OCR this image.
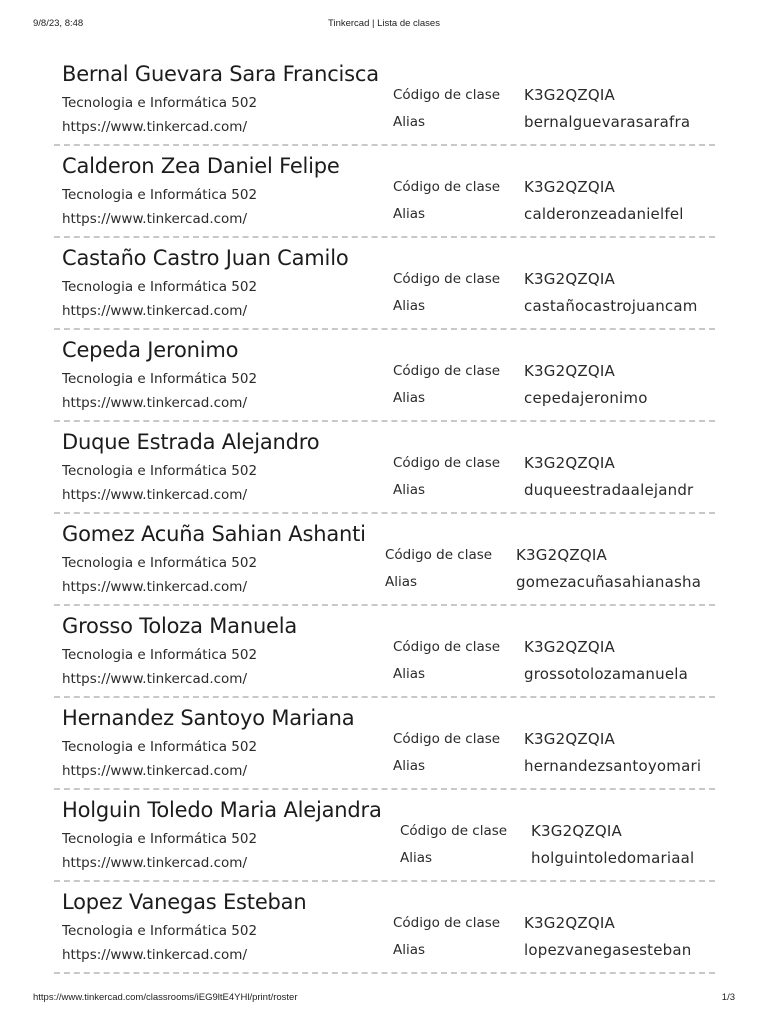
9/8/23, 8:48	Tinkercad | Lista de clases
Bernal Guevara Sara Francisca
Tecnologia e Informática 502
https://www.tinkercad.com/
Código de clase K3G2QZQIA
Alias	bernalguevarasarafra
Calderon Zea Daniel Felipe
Tecnologia e Informática 502
https://www.tinkercad.com/
Código de clase K3G2QZQIA
Alias	calderonzeadanielfel
Castaño Castro Juan Camilo
Tecnologia e Informática 502
https://www.tinkercad.com/
Código de clase K3G2QZQIA
Alias	castañocastrojuancam
Cepeda Jeronimo
Tecnologia e Informática 502
https://www.tinkercad.com/
Código de clase K3G2QZQIA
Alias	cepedajeronimo
Duque Estrada Alejandro
Tecnologia e Informática 502
https://www.tinkercad.com/
Código de clase K3G2QZQIA
Alias	duqueestradaalejandr
Gomez Acuña Sahian Ashanti
Tecnologia e Informática 502
https://www.tinkercad.com/
Código de clase K3G2QZQIA
Alias	gomezacuñasahianasha
Grosso Toloza Manuela
Tecnologia e Informática 502
https://www.tinkercad.com/
Código de clase K3G2QZQIA
Alias	grossotolozamanuela
Hernandez Santoyo Mariana
Tecnologia e Informática 502
https://www.tinkercad.com/
Código de clase K3G2QZQIA
Alias	hernandezsantoyomari
Holguin Toledo Maria Alejandra
Tecnologia e Informática 502
https://www.tinkercad.com/
Código de clase K3G2QZQIA
Alias	holguintoledomariaal
Lopez Vanegas Esteban
Tecnologia e Informática 502
https://www.tinkercad.com/
Código de clase K3G2QZQIA
Alias	lopezvanegasesteban
https://www.tinkercad.com/classrooms/iEG9ltE4YHl/print/roster	1/3
